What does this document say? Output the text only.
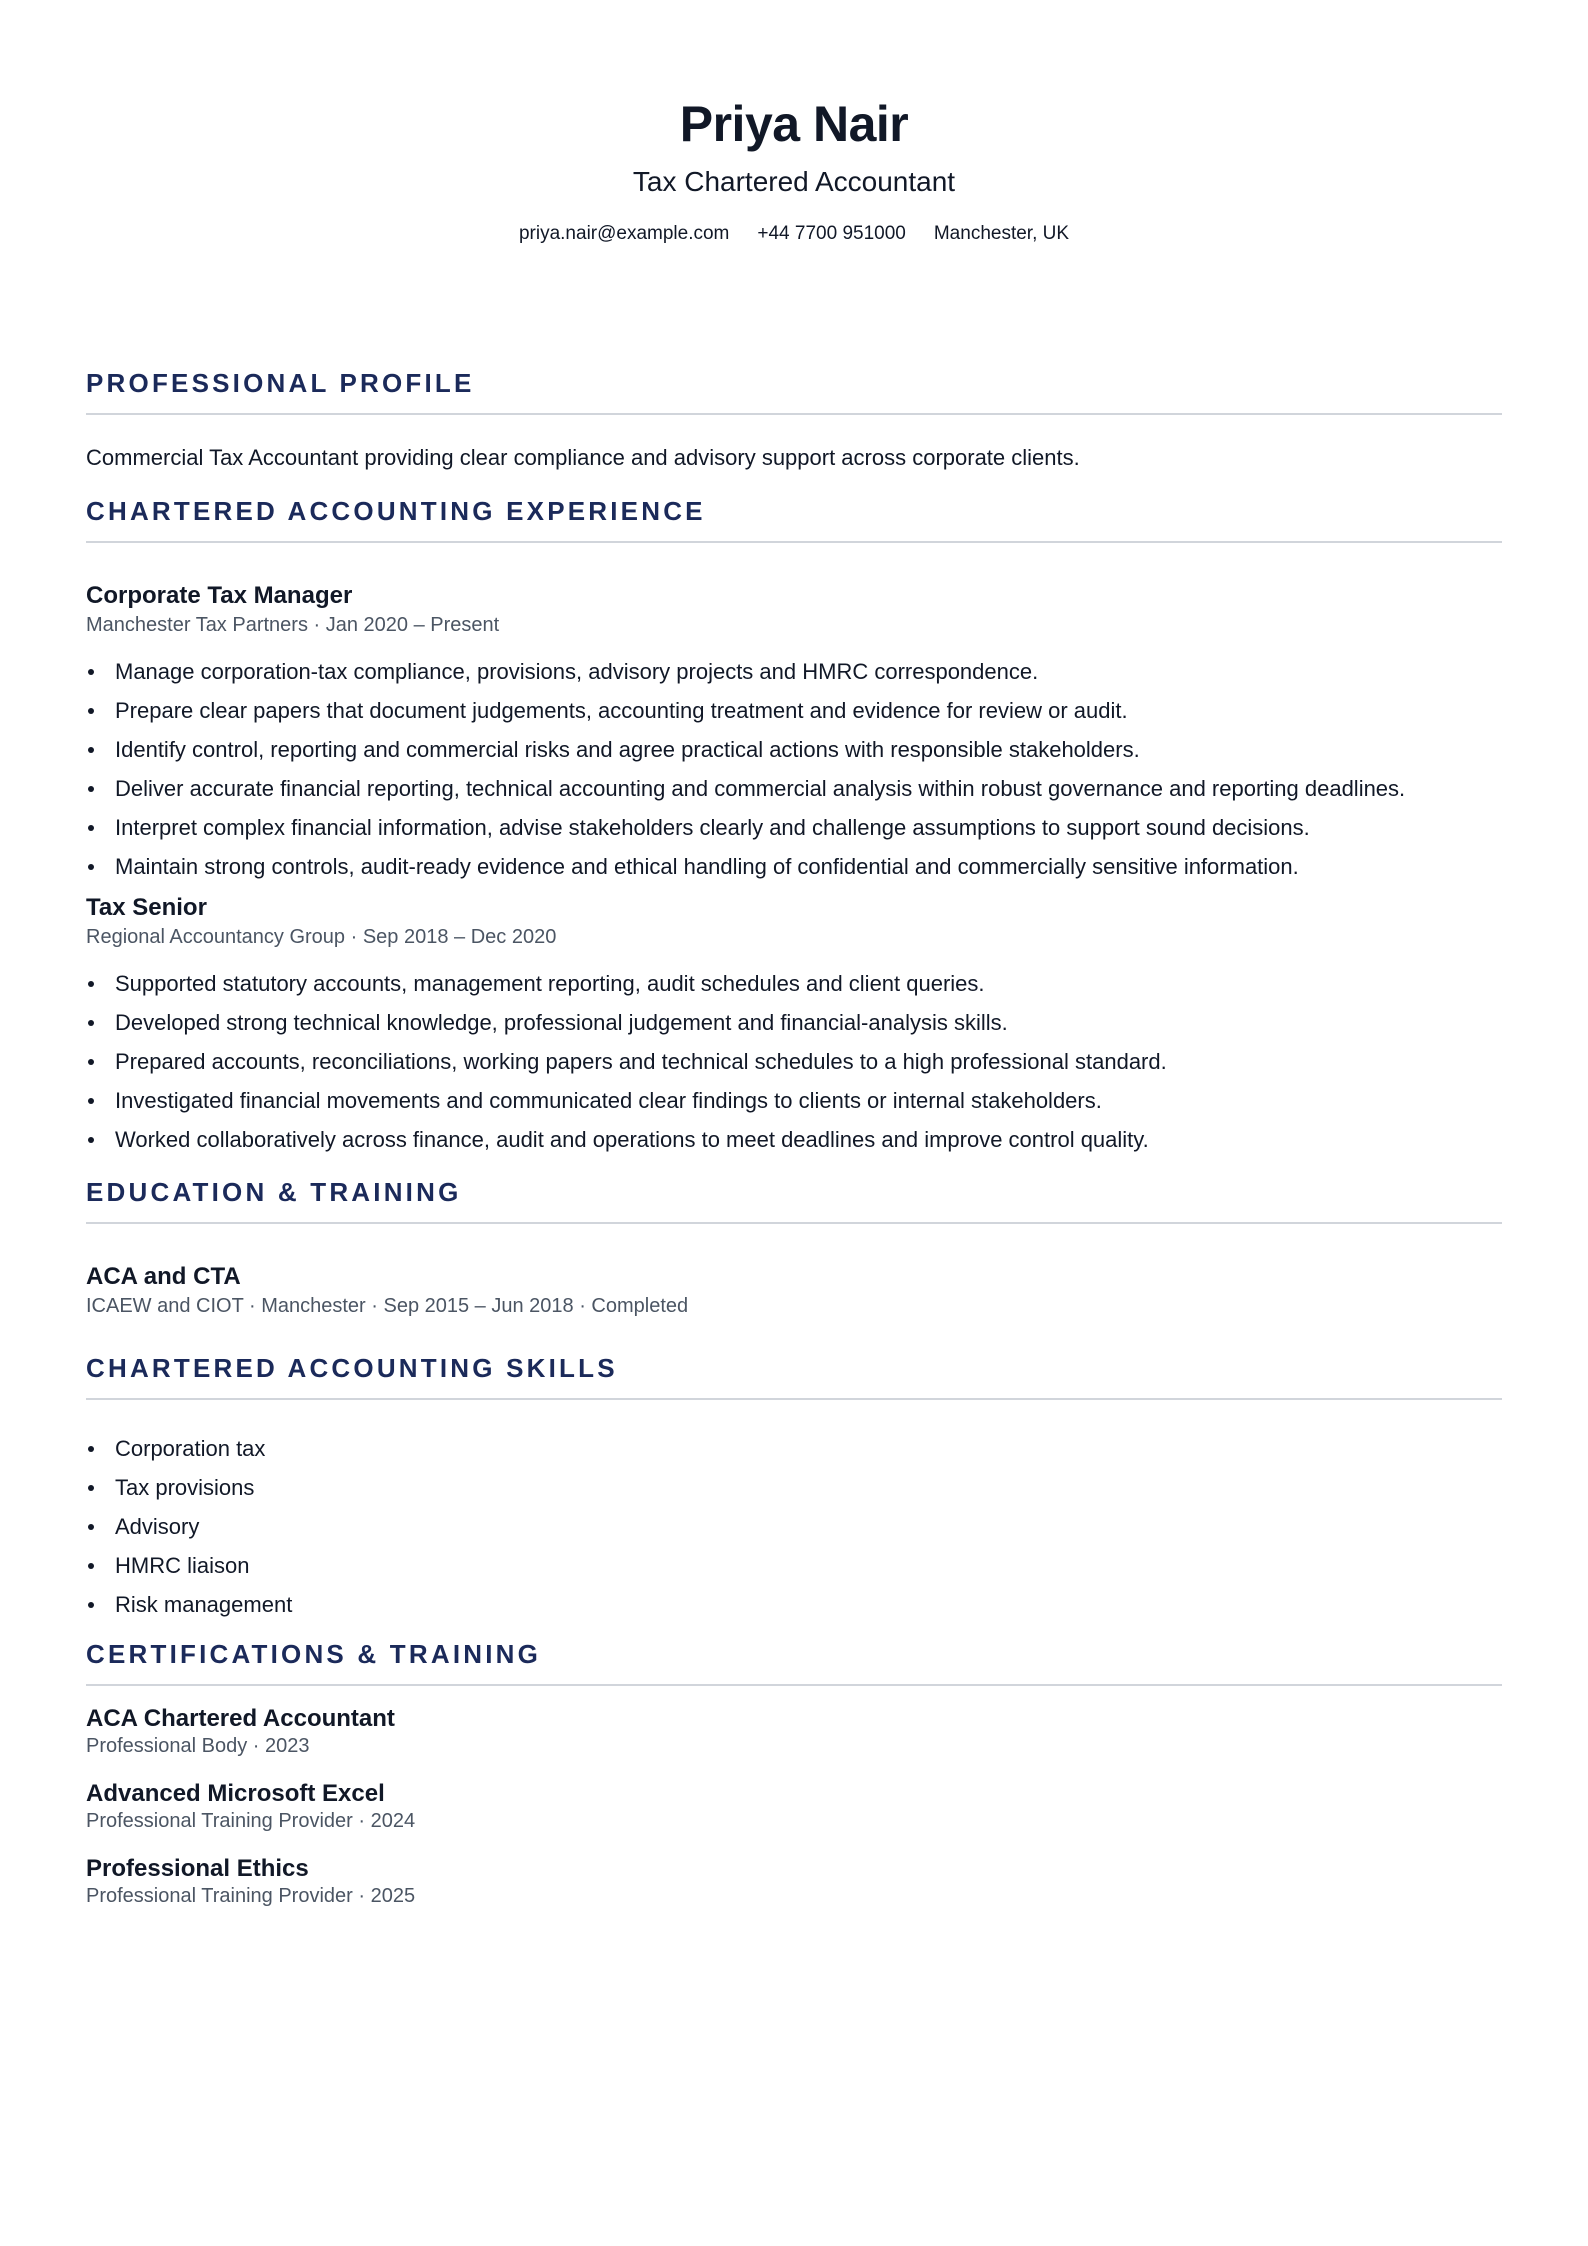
Priya Nair
Tax Chartered Accountant
priya.nair@example.com +44 7700 951000 Manchester, UK
PROFESSIONAL PROFILE
Commercial Tax Accountant providing clear compliance and advisory support across corporate clients.
CHARTERED ACCOUNTING EXPERIENCE
Corporate Tax Manager
Manchester Tax Partners · Jan 2020 – Present
Manage corporation-tax compliance, provisions, advisory projects and HMRC correspondence.
Prepare clear papers that document judgements, accounting treatment and evidence for review or audit.
Identify control, reporting and commercial risks and agree practical actions with responsible stakeholders.
Deliver accurate financial reporting, technical accounting and commercial analysis within robust governance and reporting deadlines.
Interpret complex financial information, advise stakeholders clearly and challenge assumptions to support sound decisions.
Maintain strong controls, audit-ready evidence and ethical handling of confidential and commercially sensitive information.
Tax Senior
Regional Accountancy Group · Sep 2018 – Dec 2020
Supported statutory accounts, management reporting, audit schedules and client queries.
Developed strong technical knowledge, professional judgement and financial-analysis skills.
Prepared accounts, reconciliations, working papers and technical schedules to a high professional standard.
Investigated financial movements and communicated clear findings to clients or internal stakeholders.
Worked collaboratively across finance, audit and operations to meet deadlines and improve control quality.
EDUCATION & TRAINING
ACA and CTA
ICAEW and CIOT · Manchester · Sep 2015 – Jun 2018 · Completed
CHARTERED ACCOUNTING SKILLS
Corporation tax
Tax provisions
Advisory
HMRC liaison
Risk management
CERTIFICATIONS & TRAINING
ACA Chartered Accountant
Professional Body · 2023
Advanced Microsoft Excel
Professional Training Provider · 2024
Professional Ethics
Professional Training Provider · 2025
